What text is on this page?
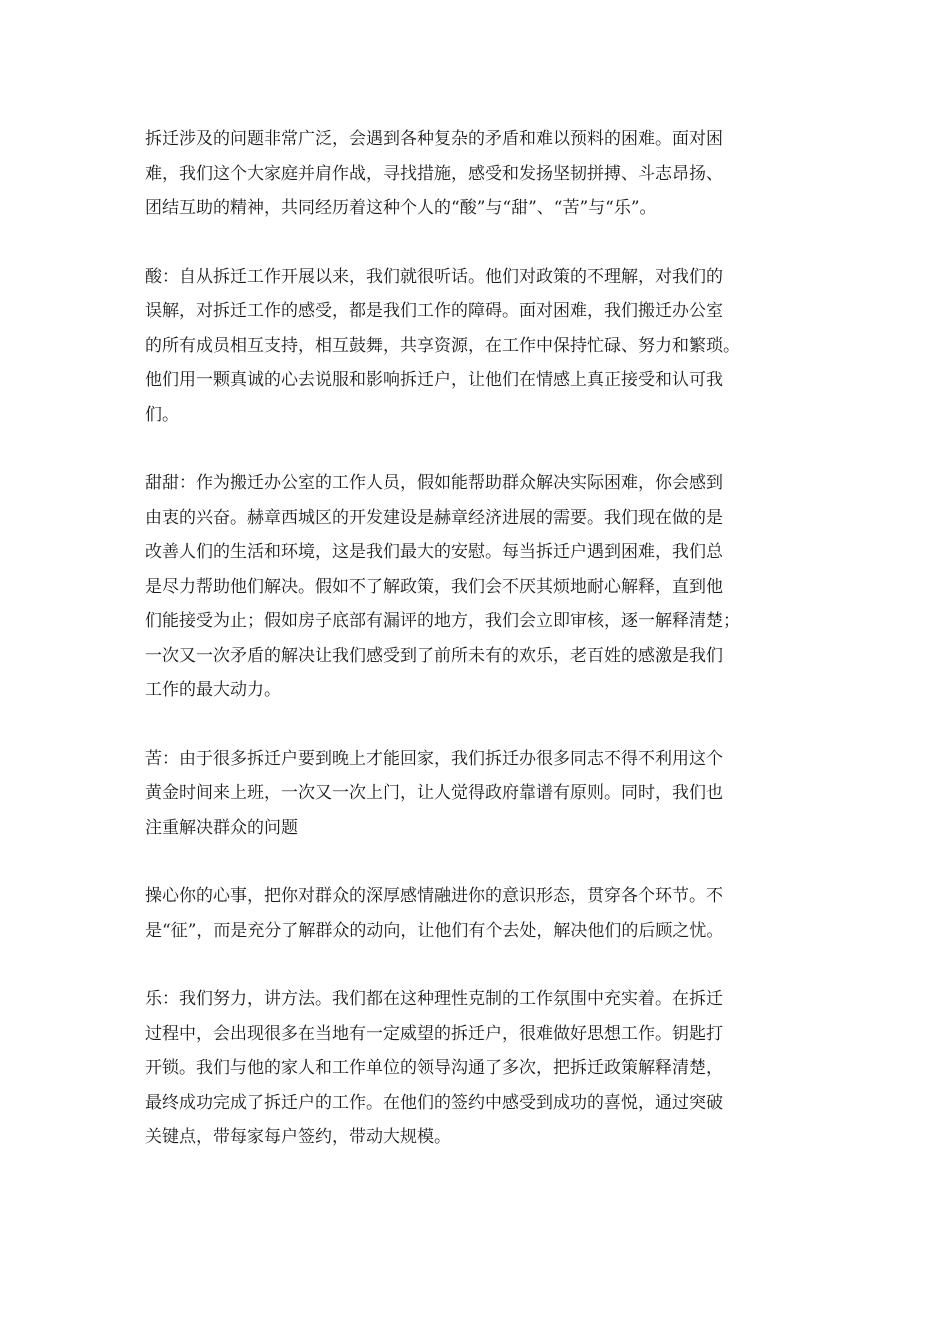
拆迁涉及的问题非常广泛，会遇到各种复杂的矛盾和难以预料的困难。面对困
难，我们这个大家庭并肩作战，寻找措施，感受和发扬坚韧拼搏、斗志昂扬、
团结互助的精神，共同经历着这种个人的“酸”与“甜”、“苦”与“乐”。

酸：自从拆迁工作开展以来，我们就很听话。他们对政策的不理解，对我们的
误解，对拆迁工作的感受，都是我们工作的障碍。面对困难，我们搬迁办公室
的所有成员相互支持，相互鼓舞，共享资源，在工作中保持忙碌、努力和繁琐。
他们用一颗真诚的心去说服和影响拆迁户，让他们在情感上真正接受和认可我
们。

甜甜：作为搬迁办公室的工作人员，假如能帮助群众解决实际困难，你会感到
由衷的兴奋。赫章西城区的开发建设是赫章经济进展的需要。我们现在做的是
改善人们的生活和环境，这是我们最大的安慰。每当拆迁户遇到困难，我们总
是尽力帮助他们解决。假如不了解政策，我们会不厌其烦地耐心解释，直到他
们能接受为止；假如房子底部有漏评的地方，我们会立即审核，逐一解释清楚；
一次又一次矛盾的解决让我们感受到了前所未有的欢乐，老百姓的感激是我们
工作的最大动力。

苦：由于很多拆迁户要到晚上才能回家，我们拆迁办很多同志不得不利用这个
黄金时间来上班，一次又一次上门，让人觉得政府靠谱有原则。同时，我们也
注重解决群众的问题

操心你的心事，把你对群众的深厚感情融进你的意识形态，贯穿各个环节。不
是“征”，而是充分了解群众的动向，让他们有个去处，解决他们的后顾之忧。

乐：我们努力，讲方法。我们都在这种理性克制的工作氛围中充实着。在拆迁
过程中，会出现很多在当地有一定威望的拆迁户，很难做好思想工作。钥匙打
开锁。我们与他的家人和工作单位的领导沟通了多次，把拆迁政策解释清楚，
最终成功完成了拆迁户的工作。在他们的签约中感受到成功的喜悦，通过突破
关键点，带每家每户签约，带动大规模。
